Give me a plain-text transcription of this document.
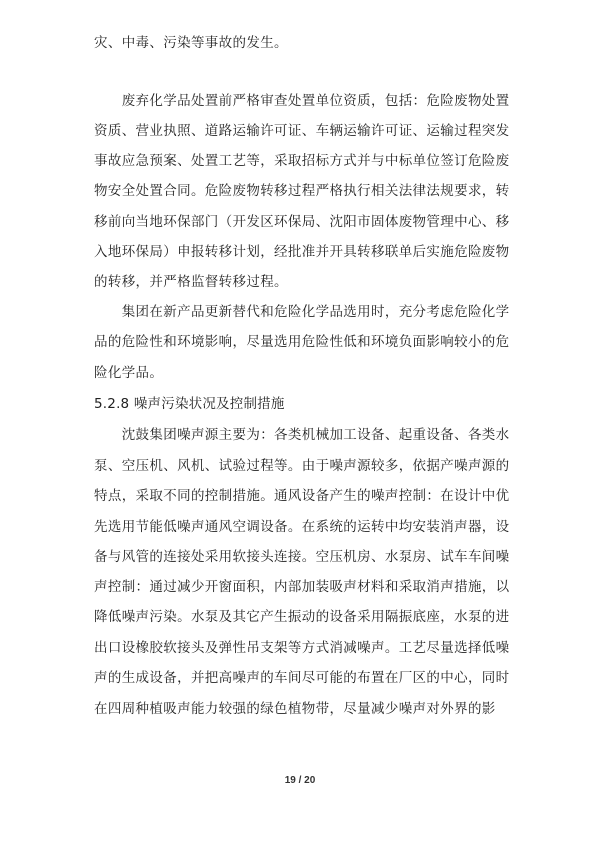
灾、中毒、污染等事故的发生。
　　废弃化学品处置前严格审查处置单位资质，包括：危险废物处置
资质、营业执照、道路运输许可证、车辆运输许可证、运输过程突发
事故应急预案、处置工艺等，采取招标方式并与中标单位签订危险废
物安全处置合同。危险废物转移过程严格执行相关法律法规要求，转
移前向当地环保部门（开发区环保局、沈阳市固体废物管理中心、移
入地环保局）申报转移计划，经批准并开具转移联单后实施危险废物
的转移，并严格监督转移过程。
　　集团在新产品更新替代和危险化学品选用时，充分考虑危险化学
品的危险性和环境影响，尽量选用危险性低和环境负面影响较小的危
险化学品。
5.2.8 噪声污染状况及控制措施
　　沈鼓集团噪声源主要为：各类机械加工设备、起重设备、各类水
泵、空压机、风机、试验过程等。由于噪声源较多，依据产噪声源的
特点，采取不同的控制措施。通风设备产生的噪声控制：在设计中优
先选用节能低噪声通风空调设备。在系统的运转中均安装消声器，设
备与风管的连接处采用软接头连接。空压机房、水泵房、试车车间噪
声控制：通过减少开窗面积，内部加装吸声材料和采取消声措施，以
降低噪声污染。水泵及其它产生振动的设备采用隔振底座，水泵的进
出口设橡胶软接头及弹性吊支架等方式消减噪声。工艺尽量选择低噪
声的生成设备，并把高噪声的车间尽可能的布置在厂区的中心，同时
在四周种植吸声能力较强的绿色植物带，尽量减少噪声对外界的影
19 / 20
